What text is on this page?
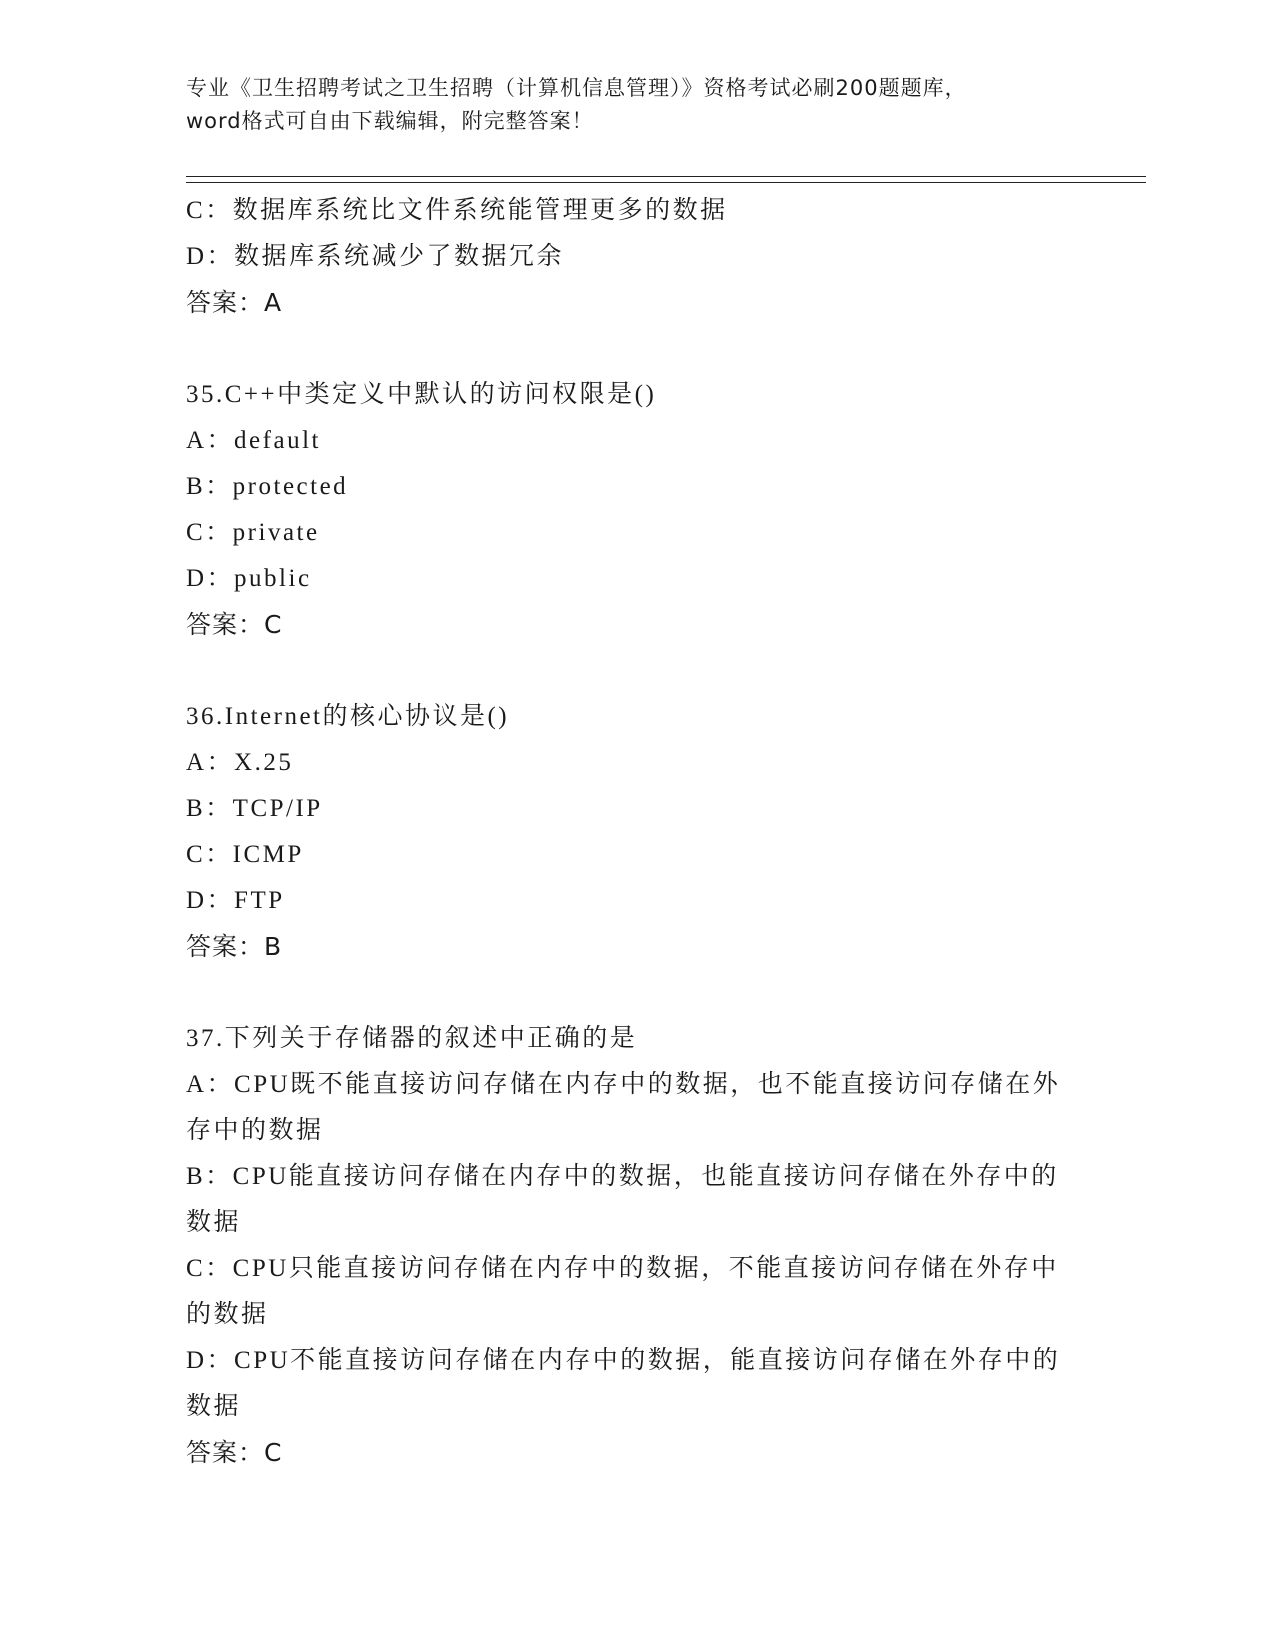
专业《卫生招聘考试之卫生招聘（计算机信息管理）》资格考试必刷200题题库，
word格式可自由下载编辑，附完整答案！
C：数据库系统比文件系统能管理更多的数据
D：数据库系统减少了数据冗余
答案：A
35.C++中类定义中默认的访问权限是()
A：default
B：protected
C：private
D：public
答案：C
36.Internet的核心协议是()
A：X.25
B：TCP/IP
C：ICMP
D：FTP
答案：B
37.下列关于存储器的叙述中正确的是
A：CPU既不能直接访问存储在内存中的数据，也不能直接访问存储在外存中的数据
B：CPU能直接访问存储在内存中的数据，也能直接访问存储在外存中的数据
C：CPU只能直接访问存储在内存中的数据，不能直接访问存储在外存中的数据
D：CPU不能直接访问存储在内存中的数据，能直接访问存储在外存中的数据
答案：C
